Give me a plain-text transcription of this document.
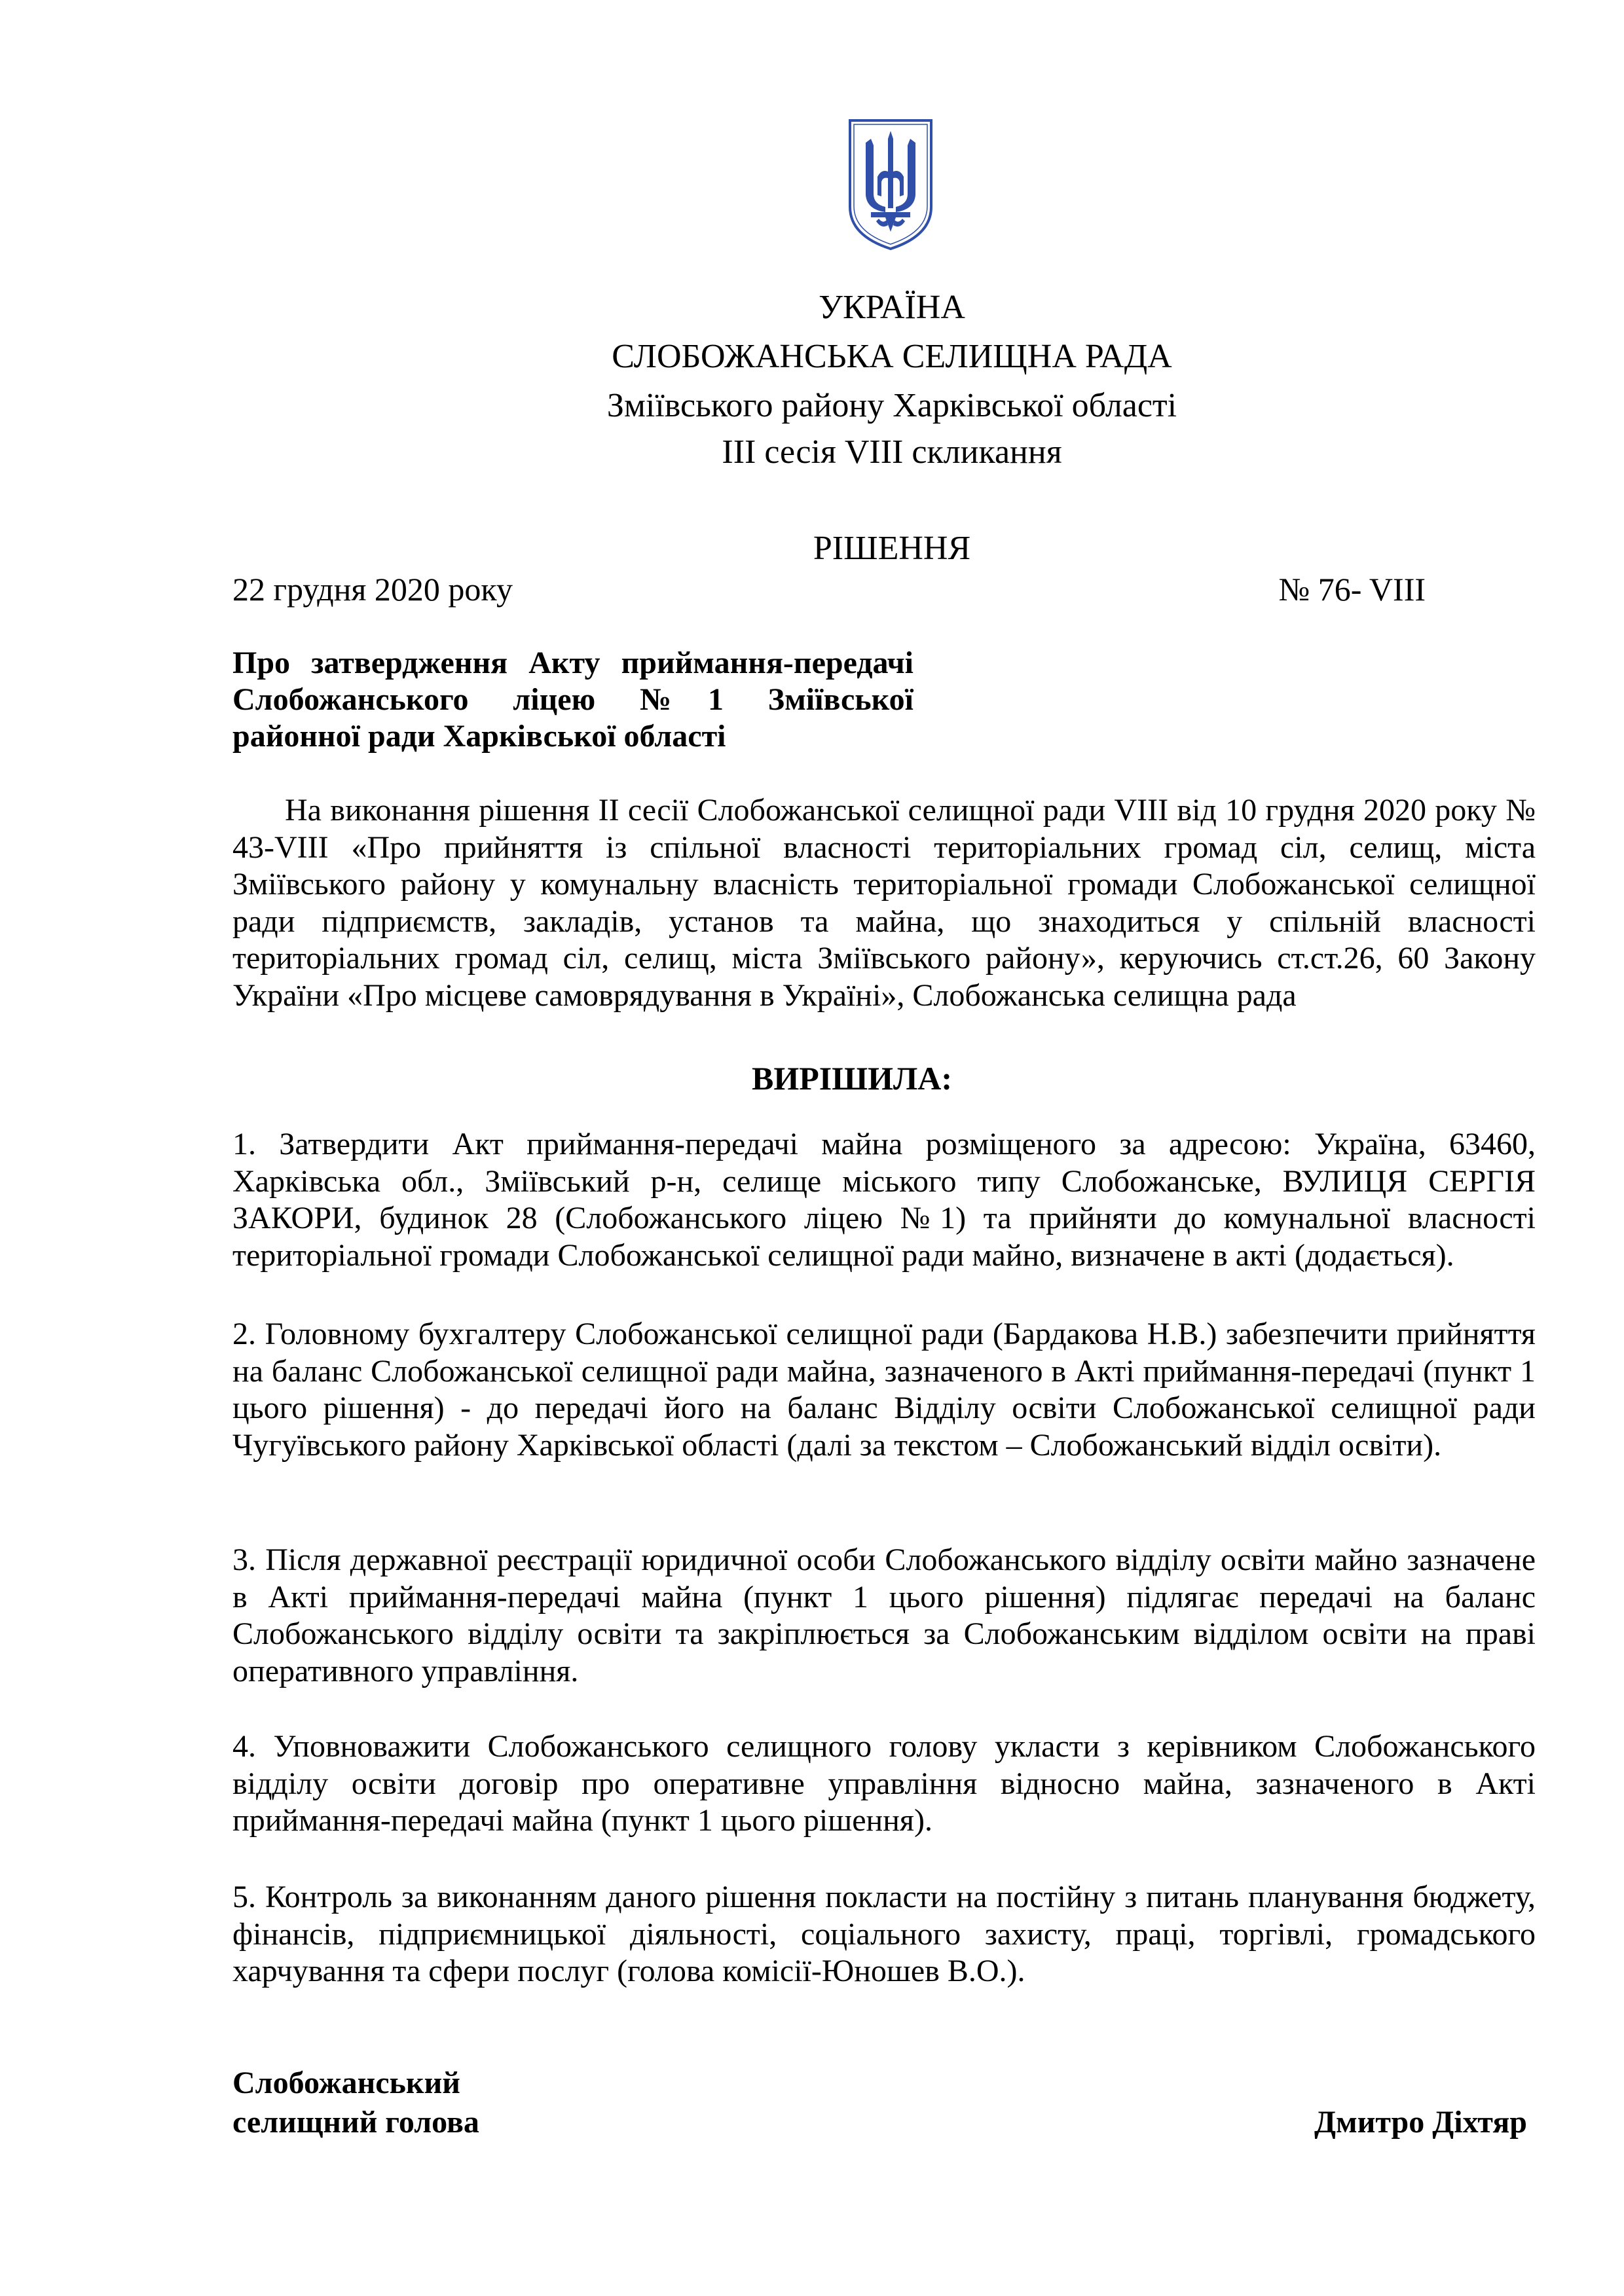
УКРАЇНА
СЛОБОЖАНСЬКА СЕЛИЩНА РАДА
Зміївського району Харківської області
ІІІ сесія VІІІ скликання
РІШЕННЯ
22 грудня 2020 року	№ 76- VІІІ
Про затвердження Акту приймання-передачі
Слобожанського ліцею №1 Зміївської
районної ради Харківської області
На виконання рішення ІІ сесії Слобожанської селищної ради VIII від 10 грудня 2020 року № 43-VIII «Про прийняття із спільної власності територіальних громад сіл, селищ, міста Зміївського району у комунальну власність територіальної громади Слобожанської селищної ради підприємств, закладів, установ та майна, що знаходиться у спільній власності територіальних громад сіл, селищ, міста Зміївського району», керуючись ст.ст.26, 60 Закону України «Про місцеве самоврядування в Україні», Слобожанська селищна рада
ВИРІШИЛА:
1. Затвердити Акт приймання-передачі майна розміщеного за адресою: Україна, 63460, Харківська обл., Зміївський р-н, селище міського типу Слобожанське, ВУЛИЦЯ СЕРГІЯ ЗАКОРИ, будинок 28 (Слобожанського ліцею №1) та прийняти до комунальної власності територіальної громади Слобожанської селищної ради майно, визначене в акті (додається).
2. Головному бухгалтеру Слобожанської селищної ради (Бардакова Н.В.) забезпечити прийняття на баланс Слобожанської селищної ради майна, зазначеного в Акті приймання-передачі (пункт 1 цього рішення) - до передачі його на баланс Відділу освіти Слобожанської селищної ради Чугуївського району Харківської області (далі за текстом – Слобожанський відділ освіти).
3. Після державної реєстрації юридичної особи Слобожанського відділу освіти майно зазначене в Акті приймання-передачі майна (пункт 1 цього рішення) підлягає передачі на баланс Слобожанського відділу освіти та закріплюється за Слобожанським відділом освіти на праві оперативного управління.
4. Уповноважити Слобожанського селищного голову укласти з керівником Слобожанського відділу освіти договір про оперативне управління відносно майна, зазначеного в Акті приймання-передачі майна (пункт 1 цього рішення).
5. Контроль за виконанням даного рішення покласти на постійну з питань планування бюджету, фінансів, підприємницької діяльності, соціального захисту, праці, торгівлі, громадського харчування та сфери послуг (голова комісії-Юношев В.О.).
Слобожанський
селищний голова	Дмитро Діхтяр
